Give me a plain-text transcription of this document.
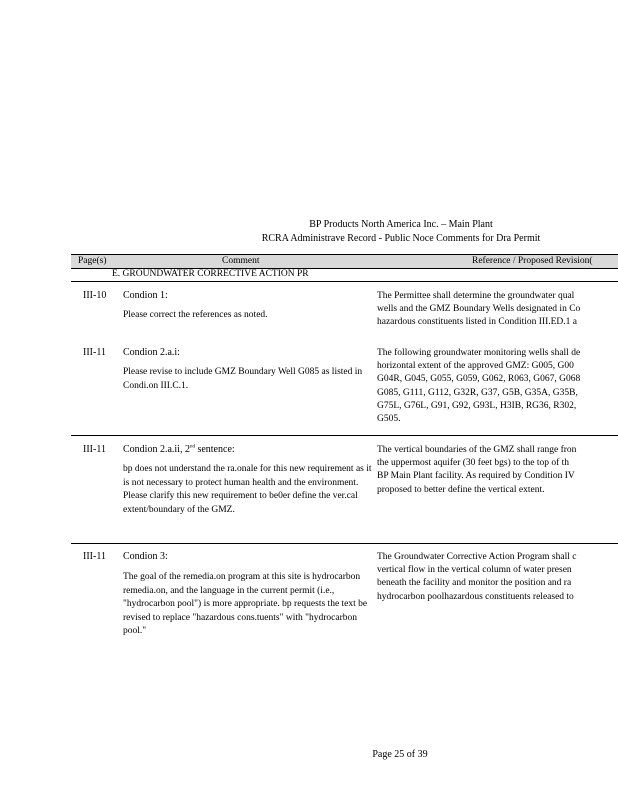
BP Products North America Inc. – Main Plant
RCRA Administrave Record - Public Noce Comments for Dra Permit
Page(s)	Comment	Reference / Proposed Revision(
E. GROUNDWATER CORRECTIVE ACTION PR
III-10 Condion 1:
Please correct the references as noted.
The Permittee shall determine the groundwater qual
wells and the GMZ Boundary Wells designated in Co
hazardous constituents listed in Condition III.ED.1 a
III-11 Condion 2.a.i:
Please revise to include GMZ Boundary Well G085 as listed in Condi.on III.C.1.
The following groundwater monitoring wells shall de
horizontal extent of the approved GMZ: G005, G00
G04R, G045, G055, G059, G062, R063, G067, G068
G085, G111, G112, G32R, G37, G5B, G35A, G35B,
G75L, G76L, G91, G92, G93L, H3IB, RG36, R302,
G505.
III-11 Condion 2.a.ii, 2nd sentence:
bp does not understand the ra.onale for this new requirement as it is not necessary to protect human health and the environment. Please clarify this new requirement to be0er define the ver.cal extent/boundary of the GMZ.
The vertical boundaries of the GMZ shall range fron
the uppermost aquifer (30 feet bgs) to the top of th
BP Main Plant facility. As required by Condition IV
proposed to better define the vertical extent.
III-11 Condion 3:
The goal of the remedia.on program at this site is hydrocarbon remedia.on, and the language in the current permit (i.e., "hydrocarbon pool") is more appropriate. bp requests the text be revised to replace "hazardous cons.tuents" with "hydrocarbon pool."
The Groundwater Corrective Action Program shall c
vertical flow in the vertical column of water presen
beneath the facility and monitor the position and ra
hydrocarbon poolhazardous constituents released to
Page 25 of 39
